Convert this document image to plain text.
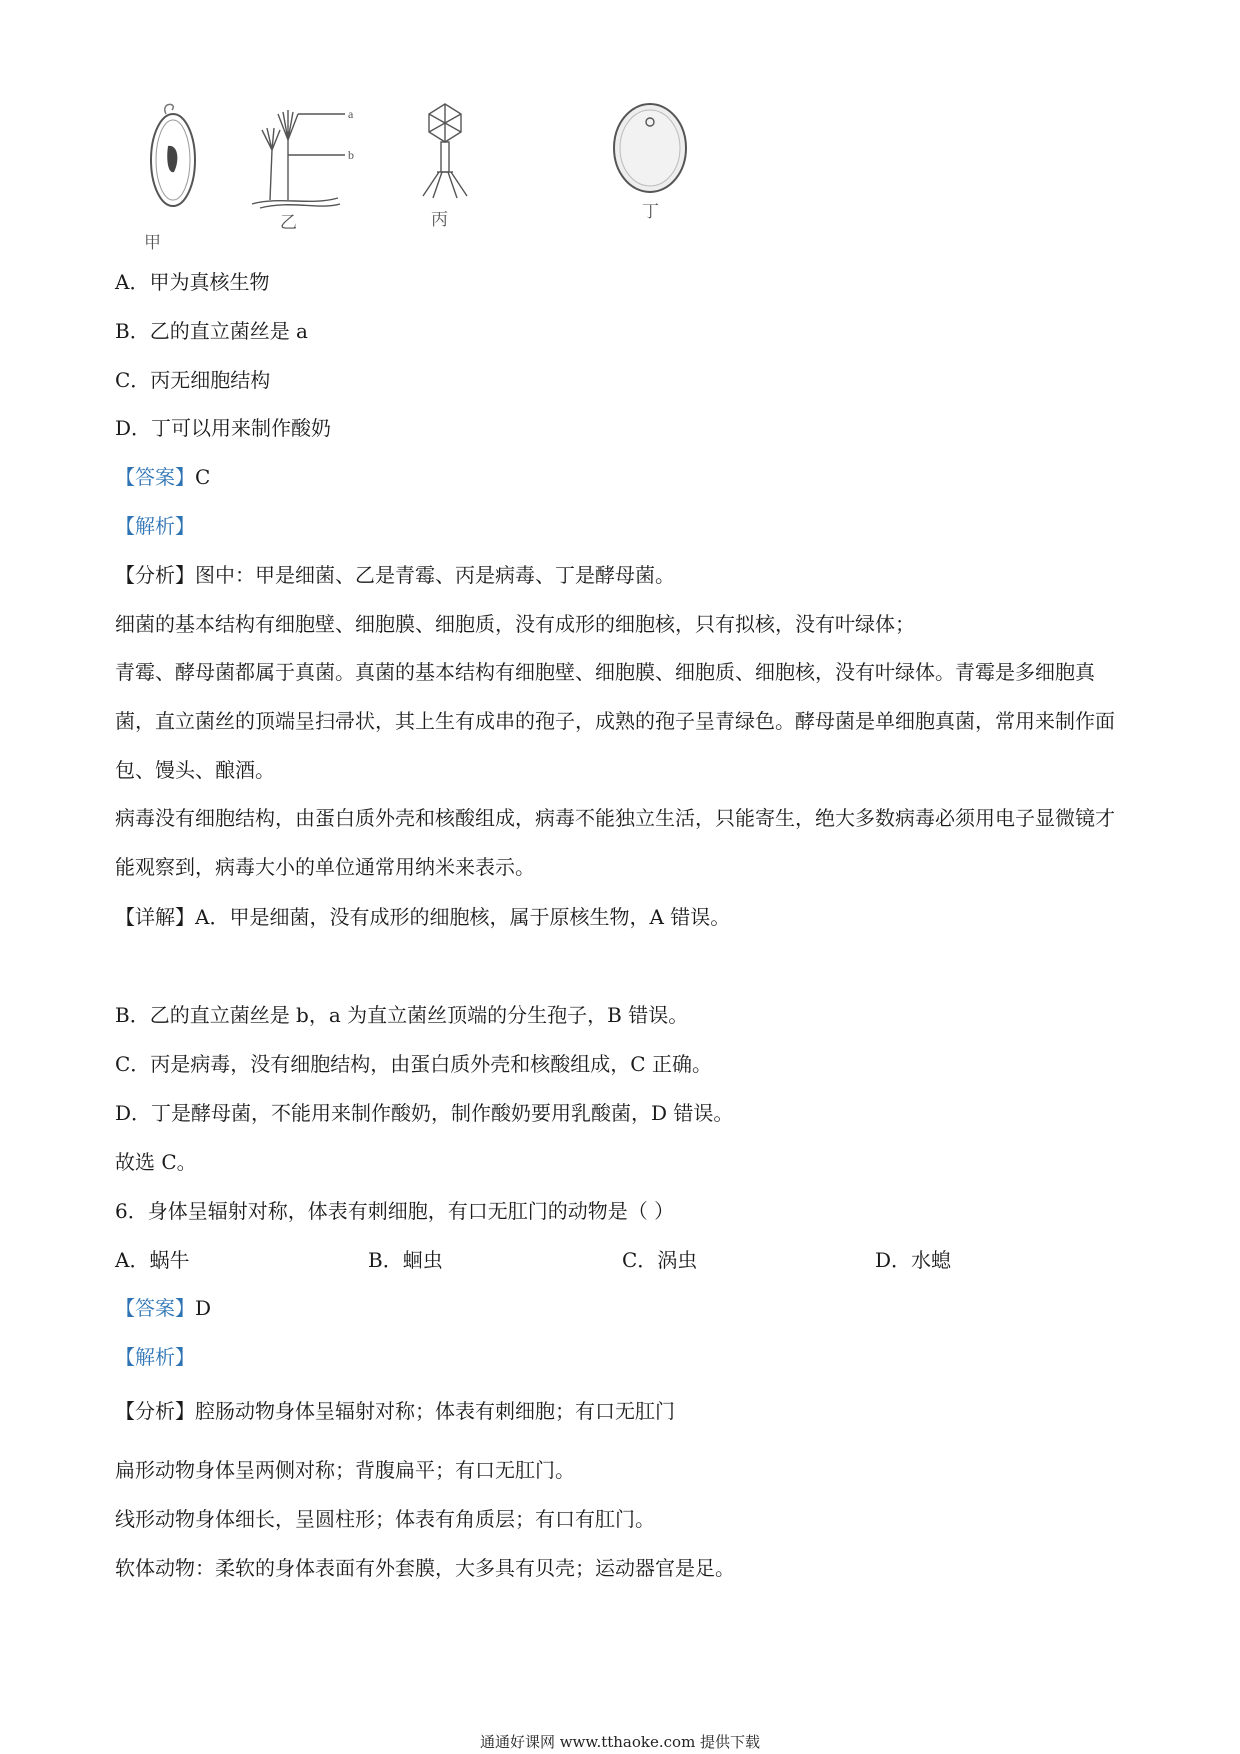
甲
a
b
乙	丙	丁
A．甲为真核生物
B．乙的直立菌丝是 a
C．丙无细胞结构
D．丁可以用来制作酸奶
【答案】C
【解析】
【分析】图中：甲是细菌、乙是青霉、丙是病毒、丁是酵母菌。
细菌的基本结构有细胞壁、细胞膜、细胞质，没有成形的细胞核，只有拟核，没有叶绿体；
青霉、酵母菌都属于真菌。真菌的基本结构有细胞壁、细胞膜、细胞质、细胞核，没有叶绿体。青霉是多细胞真菌，直立菌丝的顶端呈扫帚状，其上生有成串的孢子，成熟的孢子呈青绿色。酵母菌是单细胞真菌，常用来制作面包、馒头、酿酒。
病毒没有细胞结构，由蛋白质外壳和核酸组成，病毒不能独立生活，只能寄生，绝大多数病毒必须用电子显微镜才能观察到，病毒大小的单位通常用纳米来表示。
【详解】A．甲是细菌，没有成形的细胞核，属于原核生物，A 错误。
B．乙的直立菌丝是 b，a 为直立菌丝顶端的分生孢子，B 错误。
C．丙是病毒，没有细胞结构，由蛋白质外壳和核酸组成，C 正确。
D．丁是酵母菌，不能用来制作酸奶，制作酸奶要用乳酸菌，D 错误。
故选 C。
6．身体呈辐射对称，体表有刺细胞，有口无肛门的动物是（ ）
A．蜗牛	B．蛔虫	C．涡虫	D．水螅
【答案】D
【解析】
【分析】腔肠动物身体呈辐射对称；体表有刺细胞；有口无肛门
扁形动物身体呈两侧对称；背腹扁平；有口无肛门。
线形动物身体细长，呈圆柱形；体表有角质层；有口有肛门。
软体动物：柔软的身体表面有外套膜，大多具有贝壳；运动器官是足。
通通好课网 www.tthaoke.com 提供下载
